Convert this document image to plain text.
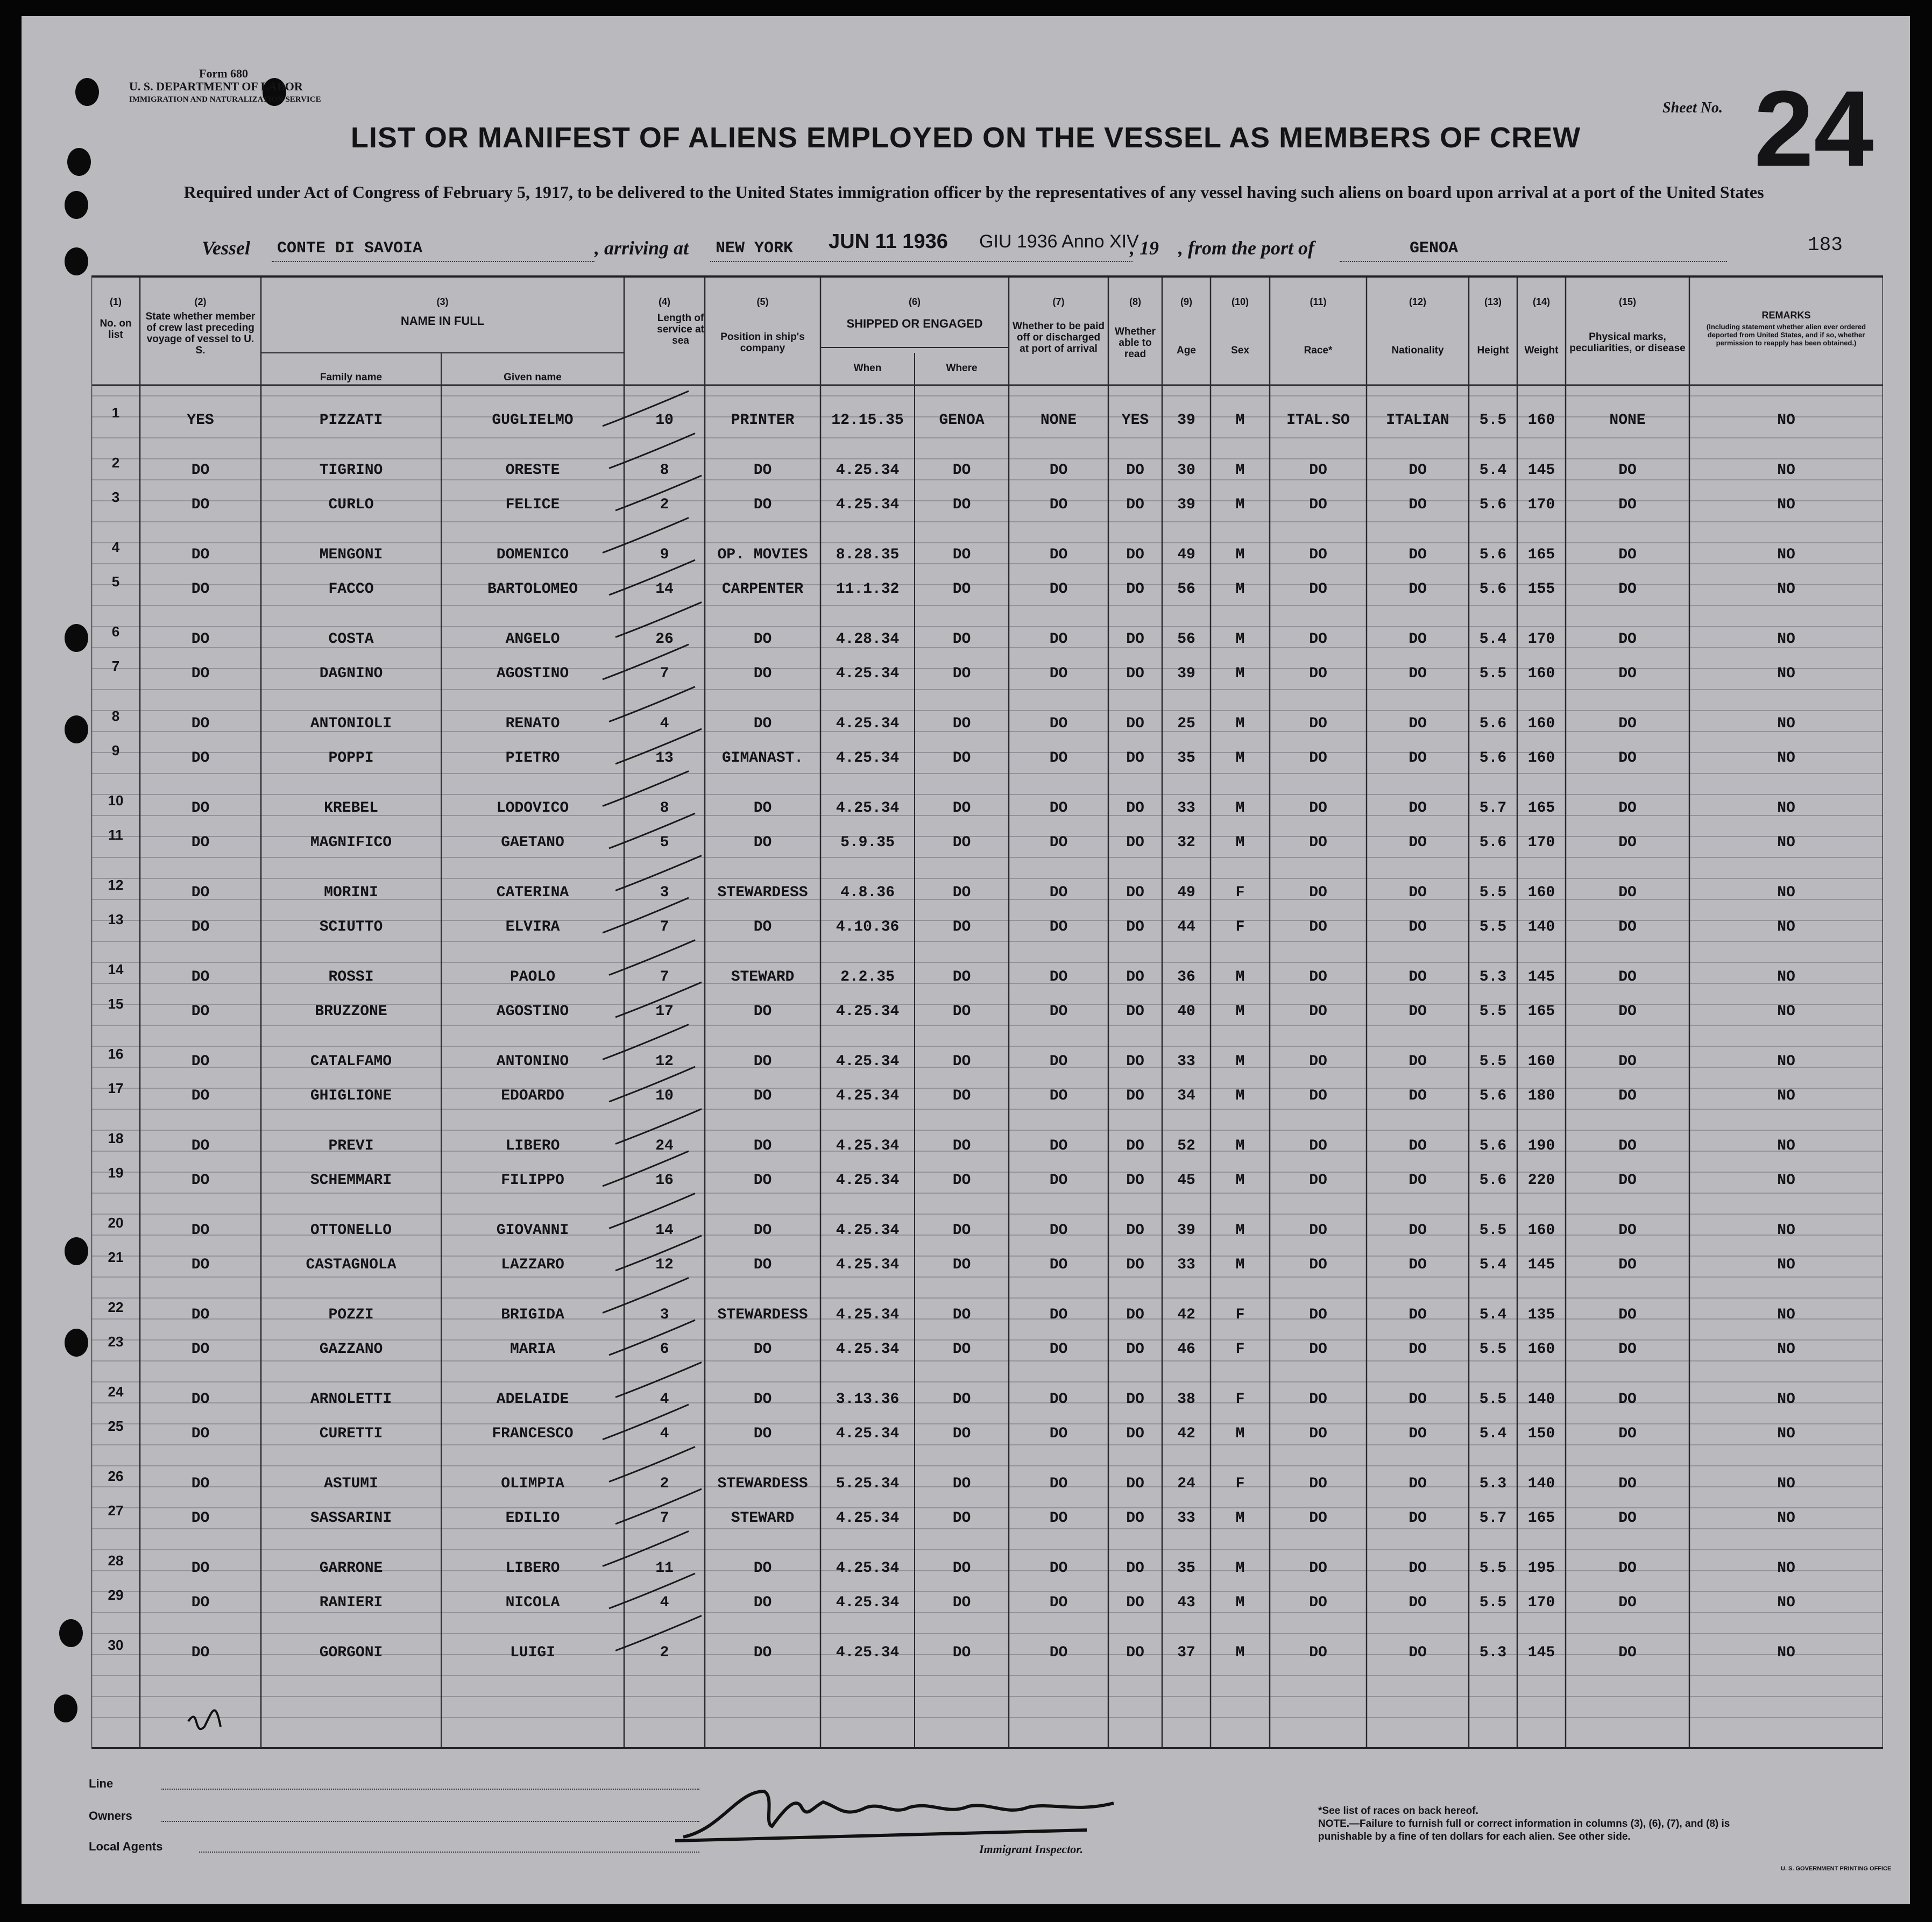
Form 680
U. S. DEPARTMENT OF LABOR
IMMIGRATION AND NATURALIZATION SERVICE
LIST OR MANIFEST OF ALIENS EMPLOYED ON THE VESSEL AS MEMBERS OF CREW
Sheet No. 24
Required under Act of Congress of February 5, 1917, to be delivered to the United States immigration officer by the representatives of any vessel having such aliens on board upon arrival at a port of the United States
Vessel CONTE DI SAVOIA	, arriving at NEW YORK JUN 11 1936 GIU 1936 Anno XIV
, 19 , from the port of	GENOA	183
(1)	(2)	(3)	(4)	(5)	(6)	(7)	(8)	(9)	(10)	(11)	(12)	(13)	(14)	(15)
No. on list
State whether member of crew last preceding voyage of vessel to U. S.
NAME IN FULL
Family name	Given name
Length of service at sea	Position in ship's company
SHIPPED OR ENGAGED
When	Where
Whether to be paid off or discharged at port of arrival
Whether able to read	Age	Sex	Race*	Nationality	Height	Weight
Physical marks, peculiarities, or disease
REMARKS
(Including statement whether alien ever ordered deported from United States, and if so, whether permission to reapply has been obtained.)
1	YES	PIZZATI	GUGLIELMO	10	PRINTER	12.15.35	GENOA	NONE	YES	39	M	ITAL.SO	ITALIAN	5.5	160	NONE	NO
2	DO	TIGRINO	ORESTE	8	DO	4.25.34	DO	DO	DO	30	M	DO	DO	5.4	145	DO	NO
3	DO	CURLO	FELICE	2	DO	4.25.34	DO	DO	DO	39	M	DO	DO	5.6	170	DO	NO
4	DO	MENGONI	DOMENICO	9	OP. MOVIES	8.28.35	DO	DO	DO	49	M	DO	DO	5.6	165	DO	NO
5	DO	FACCO	BARTOLOMEO	14	CARPENTER	11.1.32	DO	DO	DO	56	M	DO	DO	5.6	155	DO	NO
6	DO	COSTA	ANGELO	26	DO	4.28.34	DO	DO	DO	56	M	DO	DO	5.4	170	DO	NO
7	DO	DAGNINO	AGOSTINO	7	DO	4.25.34	DO	DO	DO	39	M	DO	DO	5.5	160	DO	NO
8	DO	ANTONIOLI	RENATO	4	DO	4.25.34	DO	DO	DO	25	M	DO	DO	5.6	160	DO	NO
9	DO	POPPI	PIETRO	13	GIMANAST.	4.25.34	DO	DO	DO	35	M	DO	DO	5.6	160	DO	NO
10	DO	KREBEL	LODOVICO	8	DO	4.25.34	DO	DO	DO	33	M	DO	DO	5.7	165	DO	NO
11	DO	MAGNIFICO	GAETANO	5	DO	5.9.35	DO	DO	DO	32	M	DO	DO	5.6	170	DO	NO
12	DO	MORINI	CATERINA	3	STEWARDESS	4.8.36	DO	DO	DO	49	F	DO	DO	5.5	160	DO	NO
13	DO	SCIUTTO	ELVIRA	7	DO	4.10.36	DO	DO	DO	44	F	DO	DO	5.5	140	DO	NO
14	DO	ROSSI	PAOLO	7	STEWARD	2.2.35	DO	DO	DO	36	M	DO	DO	5.3	145	DO	NO
15	DO	BRUZZONE	AGOSTINO	17	DO	4.25.34	DO	DO	DO	40	M	DO	DO	5.5	165	DO	NO
16	DO	CATALFAMO	ANTONINO	12	DO	4.25.34	DO	DO	DO	33	M	DO	DO	5.5	160	DO	NO
17	DO	GHIGLIONE	EDOARDO	10	DO	4.25.34	DO	DO	DO	34	M	DO	DO	5.6	180	DO	NO
18	DO	PREVI	LIBERO	24	DO	4.25.34	DO	DO	DO	52	M	DO	DO	5.6	190	DO	NO
19	DO	SCHEMMARI	FILIPPO	16	DO	4.25.34	DO	DO	DO	45	M	DO	DO	5.6	220	DO	NO
20	DO	OTTONELLO	GIOVANNI	14	DO	4.25.34	DO	DO	DO	39	M	DO	DO	5.5	160	DO	NO
21	DO	CASTAGNOLA	LAZZARO	12	DO	4.25.34	DO	DO	DO	33	M	DO	DO	5.4	145	DO	NO
22	DO	POZZI	BRIGIDA	3	STEWARDESS	4.25.34	DO	DO	DO	42	F	DO	DO	5.4	135	DO	NO
23	DO	GAZZANO	MARIA	6	DO	4.25.34	DO	DO	DO	46	F	DO	DO	5.5	160	DO	NO
24	DO	ARNOLETTI	ADELAIDE	4	DO	3.13.36	DO	DO	DO	38	F	DO	DO	5.5	140	DO	NO
25	DO	CURETTI	FRANCESCO	4	DO	4.25.34	DO	DO	DO	42	M	DO	DO	5.4	150	DO	NO
26	DO	ASTUMI	OLIMPIA	2	STEWARDESS	5.25.34	DO	DO	DO	24	F	DO	DO	5.3	140	DO	NO
27	DO	SASSARINI	EDILIO	7	STEWARD	4.25.34	DO	DO	DO	33	M	DO	DO	5.7	165	DO	NO
28	DO	GARRONE	LIBERO	11	DO	4.25.34	DO	DO	DO	35	M	DO	DO	5.5	195	DO	NO
29	DO	RANIERI	NICOLA	4	DO	4.25.34	DO	DO	DO	43	M	DO	DO	5.5	170	DO	NO
30	DO	GORGONI	LUIGI	2	DO	4.25.34	DO	DO	DO	37	M	DO	DO	5.3	145	DO	NO
Line
Owners
Local Agents	Immigrant Inspector.
*See list of races on back hereof.
NOTE.—Failure to furnish full or correct information in columns (3), (6), (7), and (8) is punishable by a fine of ten dollars for each alien. See other side.
U. S. GOVERNMENT PRINTING OFFICE
